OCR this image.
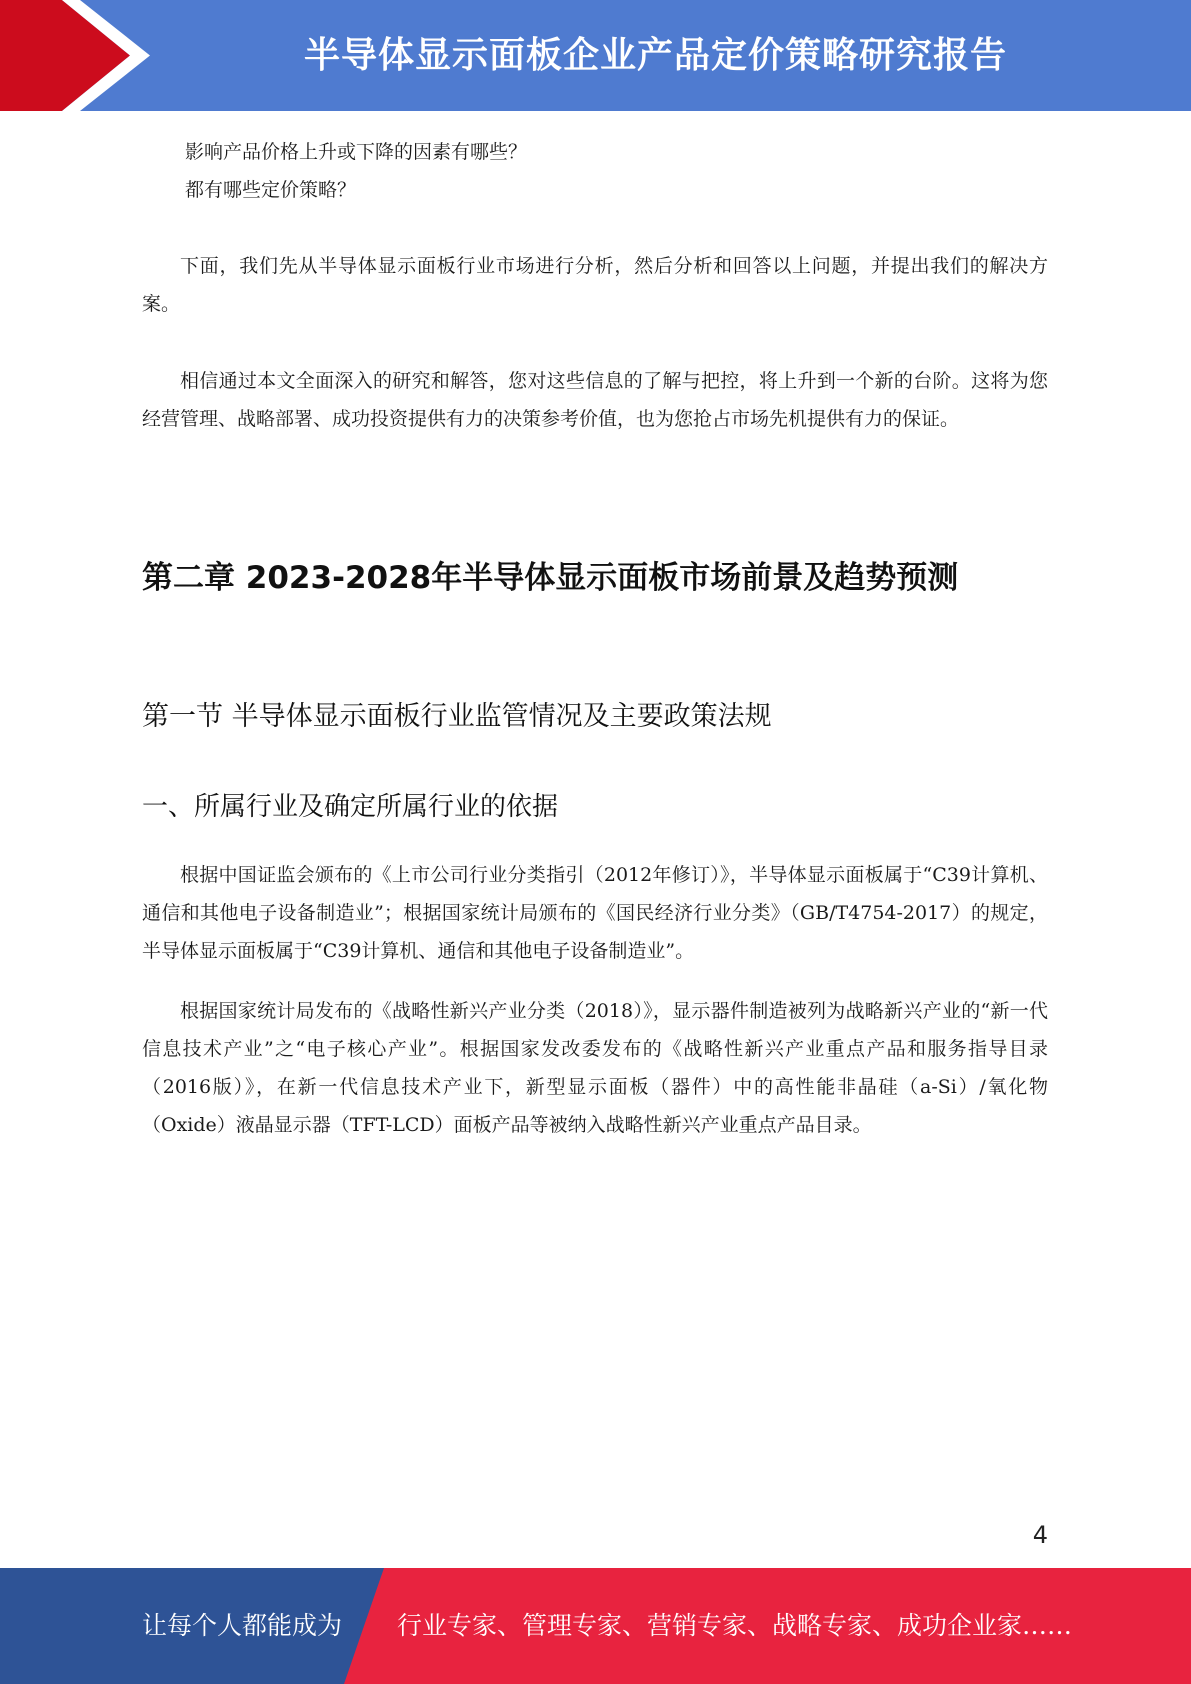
半导体显示面板企业产品定价策略研究报告
影响产品价格上升或下降的因素有哪些？
都有哪些定价策略？

下面，我们先从半导体显示面板行业市场进行分析，然后分析和回答以上问题，并提出我们的解决方案。

相信通过本文全面深入的研究和解答，您对这些信息的了解与把控，将上升到一个新的台阶。这将为您经营管理、战略部署、成功投资提供有力的决策参考价值，也为您抢占市场先机提供有力的保证。

第二章 2023-2028年半导体显示面板市场前景及趋势预测
第一节 半导体显示面板行业监管情况及主要政策法规
一、所属行业及确定所属行业的依据

根据中国证监会颁布的《上市公司行业分类指引（2012年修订）》，半导体显示面板属于“C39计算机、通信和其他电子设备制造业”；根据国家统计局颁布的《国民经济行业分类》（GB/T4754-2017）的规定，半导体显示面板属于“C39计算机、通信和其他电子设备制造业”。

根据国家统计局发布的《战略性新兴产业分类（2018）》，显示器件制造被列为战略新兴产业的“新一代信息技术产业”之“电子核心产业”。根据国家发改委发布的《战略性新兴产业重点产品和服务指导目录（2016版）》，在新一代信息技术产业下，新型显示面板（器件）中的高性能非晶硅（a-Si）/氧化物（Oxide）液晶显示器（TFT-LCD）面板产品等被纳入战略性新兴产业重点产品目录。

4
让每个人都能成为 行业专家、管理专家、营销专家、战略专家、成功企业家……
